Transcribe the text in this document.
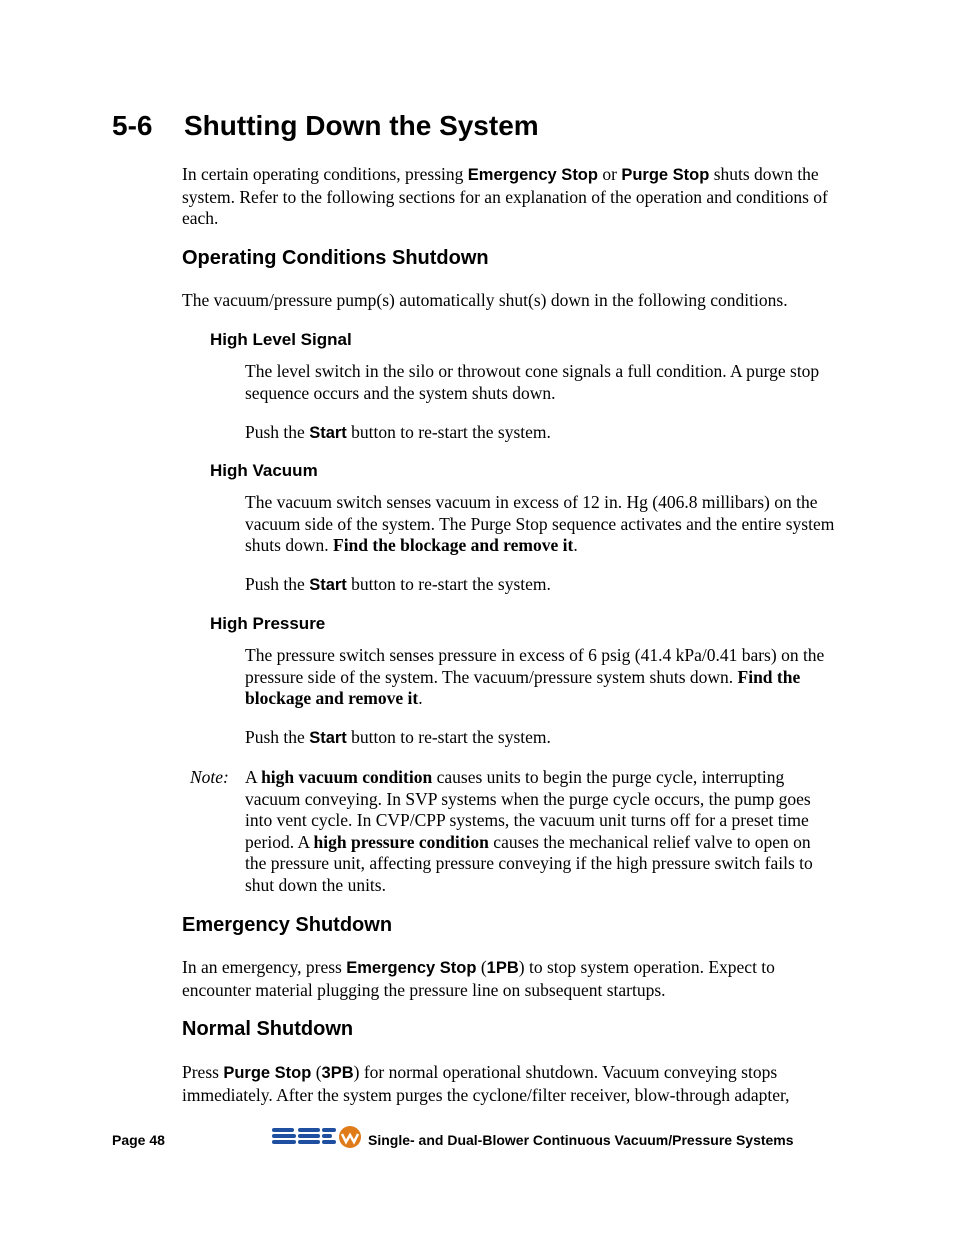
5-6 Shutting Down the System
In certain operating conditions, pressing Emergency Stop or Purge Stop shuts down the system. Refer to the following sections for an explanation of the operation and conditions of each.
Operating Conditions Shutdown
The vacuum/pressure pump(s) automatically shut(s) down in the following conditions.
High Level Signal
The level switch in the silo or throwout cone signals a full condition. A purge stop sequence occurs and the system shuts down.
Push the Start button to re-start the system.
High Vacuum
The vacuum switch senses vacuum in excess of 12 in. Hg (406.8 millibars) on the vacuum side of the system. The Purge Stop sequence activates and the entire system shuts down. Find the blockage and remove it.
Push the Start button to re-start the system.
High Pressure
The pressure switch senses pressure in excess of 6 psig (41.4 kPa/0.41 bars) on the pressure side of the system. The vacuum/pressure system shuts down. Find the blockage and remove it.
Push the Start button to re-start the system.
Note: A high vacuum condition causes units to begin the purge cycle, interrupting vacuum conveying. In SVP systems when the purge cycle occurs, the pump goes into vent cycle. In CVP/CPP systems, the vacuum unit turns off for a preset time period. A high pressure condition causes the mechanical relief valve to open on the pressure unit, affecting pressure conveying if the high pressure switch fails to shut down the units.
Emergency Shutdown
In an emergency, press Emergency Stop (1PB) to stop system operation. Expect to encounter material plugging the pressure line on subsequent startups.
Normal Shutdown
Press Purge Stop (3PB) for normal operational shutdown. Vacuum conveying stops immediately. After the system purges the cyclone/filter receiver, blow-through adapter,
Page 48	Single- and Dual-Blower Continuous Vacuum/Pressure Systems
